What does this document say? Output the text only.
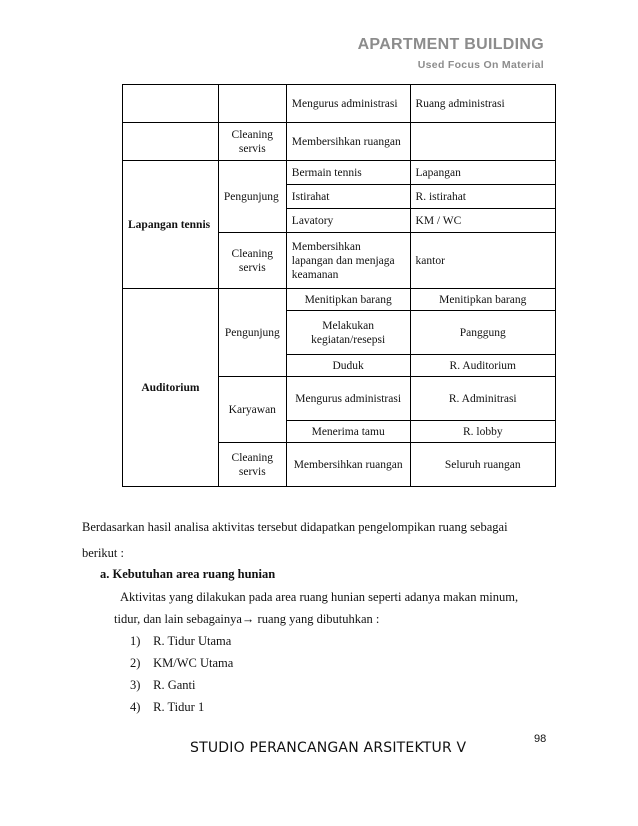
APARTMENT BUILDING
Used Focus On Material
		Mengurus administrasi	Ruang administrasi
	Cleaning servis	Membersihkan ruangan	
Lapangan tennis	Pengunjung	Bermain tennis	Lapangan
		Istirahat	R. istirahat
		Lavatory	KM / WC
	Cleaning servis	Membersihkan lapangan dan menjaga keamanan	kantor
Auditorium	Pengunjung	Menitipkan barang	Menitipkan barang
		Melakukan kegiatan/resepsi	Panggung
		Duduk	R. Auditorium
	Karyawan	Mengurus administrasi	R. Adminitrasi
		Menerima tamu	R. lobby
	Cleaning servis	Membersihkan ruangan	Seluruh ruangan
Berdasarkan hasil analisa aktivitas tersebut didapatkan pengelompikan ruang sebagai
berikut :
a. Kebutuhan area ruang hunian
Aktivitas yang dilakukan pada area ruang hunian seperti adanya makan minum,
tidur, dan lain sebagainya→ ruang yang dibutuhkan :
1) R. Tidur Utama
2) KM/WC Utama
3) R. Ganti
4) R. Tidur 1
98
STUDIO PERANCANGAN ARSITEKTUR V
